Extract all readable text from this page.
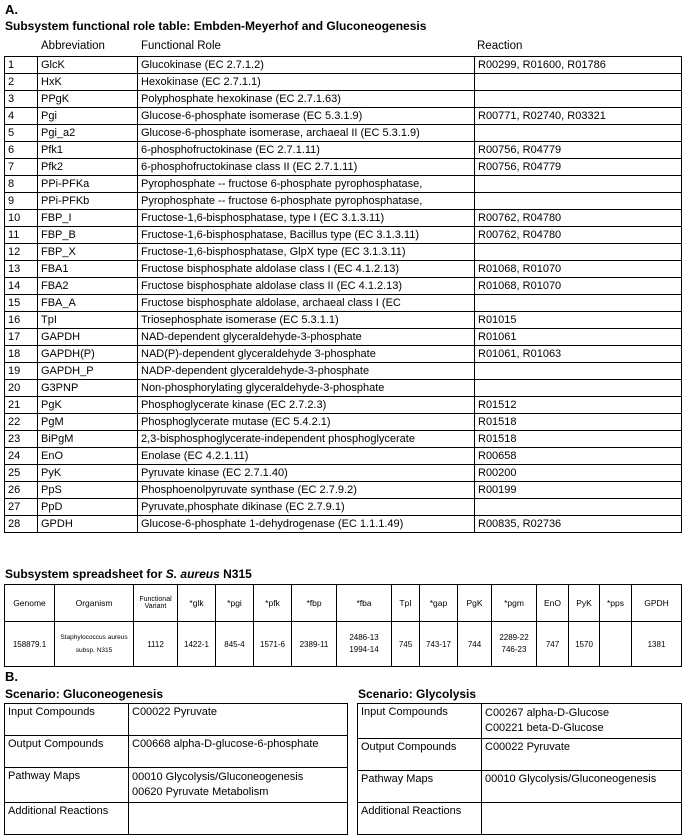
A.
Subsystem functional role table: Embden-Meyerhof and Gluconeogenesis
Abbreviation	Functional Role	Reaction
1	GlcK	Glucokinase (EC 2.7.1.2)	R00299, R01600, R01786
2	HxK	Hexokinase (EC 2.7.1.1)	
3	PPgK	Polyphosphate hexokinase (EC 2.7.1.63)	
4	Pgi	Glucose-6-phosphate isomerase (EC 5.3.1.9)	R00771, R02740, R03321
5	Pgi_a2	Glucose-6-phosphate isomerase, archaeal II (EC 5.3.1.9)	
6	Pfk1	6-phosphofructokinase (EC 2.7.1.11)	R00756, R04779
7	Pfk2	6-phosphofructokinase class II (EC 2.7.1.11)	R00756, R04779
8	PPi-PFKa	Pyrophosphate -- fructose 6-phosphate pyrophosphatase,	
9	PPi-PFKb	Pyrophosphate -- fructose 6-phosphate pyrophosphatase,	
10	FBP_I	Fructose-1,6-bisphosphatase, type I (EC 3.1.3.11)	R00762, R04780
11	FBP_B	Fructose-1,6-bisphosphatase, Bacillus type (EC 3.1.3.11)	R00762, R04780
12	FBP_X	Fructose-1,6-bisphosphatase, GlpX type (EC 3.1.3.11)	
13	FBA1	Fructose bisphosphate aldolase class I (EC 4.1.2.13)	R01068, R01070
14	FBA2	Fructose bisphosphate aldolase class II (EC 4.1.2.13)	R01068, R01070
15	FBA_A	Fructose bisphosphate aldolase, archaeal class I (EC	
16	TpI	Triosephosphate isomerase (EC 5.3.1.1)	R01015
17	GAPDH	NAD-dependent glyceraldehyde-3-phosphate	R01061
18	GAPDH(P)	NAD(P)-dependent glyceraldehyde 3-phosphate	R01061, R01063
19	GAPDH_P	NADP-dependent glyceraldehyde-3-phosphate	
20	G3PNP	Non-phosphorylating glyceraldehyde-3-phosphate	
21	PgK	Phosphoglycerate kinase (EC 2.7.2.3)	R01512
22	PgM	Phosphoglycerate mutase (EC 5.4.2.1)	R01518
23	BiPgM	2,3-bisphosphoglycerate-independent phosphoglycerate	R01518
24	EnO	Enolase (EC 4.2.1.11)	R00658
25	PyK	Pyruvate kinase (EC 2.7.1.40)	R00200
26	PpS	Phosphoenolpyruvate synthase (EC 2.7.9.2)	R00199
27	PpD	Pyruvate,phosphate dikinase (EC 2.7.9.1)	
28	GPDH	Glucose-6-phosphate 1-dehydrogenase (EC 1.1.1.49)	R00835, R02736
Subsystem spreadsheet for S. aureus N315
Genome	Organism	Functional Variant	*glk	*pgi	*pfk	*fbp	*fba	TpI	*gap	PgK	*pgm	EnO	PyK	*pps	GPDH
158879.1	Staphylococcus aureus
subsp. N315	1112	1422-1	845-4	1571-6	2389-11	2486-13
1994-14	745	743-17	744	2289-22
746-23	747	1570		1381
B.
Scenario: Gluconeogenesis	Scenario: Glycolysis
Input Compounds	C00022 Pyruvate
Output Compounds	C00668 alpha-D-glucose-6-phosphate
Pathway Maps	00010 Glycolysis/Gluconeogenesis
00620 Pyruvate Metabolism

Additional Reactions	
Input Compounds	C00267 alpha-D-Glucose
C00221 beta-D-Glucose

Output Compounds	C00022 Pyruvate
Pathway Maps	00010 Glycolysis/Gluconeogenesis
Additional Reactions	
